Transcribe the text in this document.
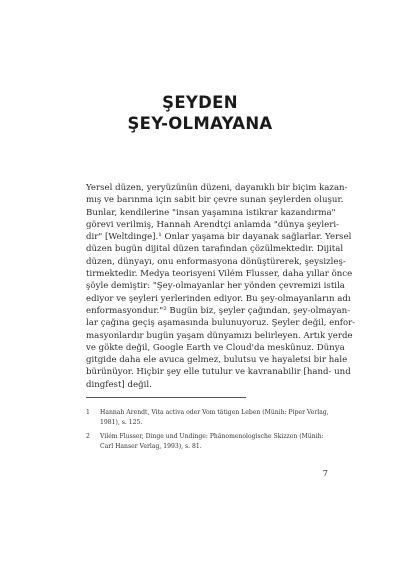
ŞEYDEN
ŞEY-OLMAYANA
Yersel düzen, yeryüzünün düzeni, dayanıklı bir biçim kazan-
mış ve barınma için sabit bir çevre sunan şeylerden oluşur.
Bunlar, kendilerine "insan yaşamına istikrar kazandırma"
görevi verilmiş, Hannah Arendtçi anlamda "dünya şeyleri-
dir" [Weltdinge].¹ Onlar yaşama bir dayanak sağlarlar. Yersel
düzen bugün dijital düzen tarafından çözülmektedir. Dijital
düzen, dünyayı, onu enformasyona dönüştürerek, şeysizleş-
tirmektedir. Medya teorisyeni Vilém Flusser, daha yıllar önce
şöyle demiştir: "Şey-olmayanlar her yönden çevremizi istila
ediyor ve şeyleri yerlerinden ediyor. Bu şey-olmayanların adı
enformasyondur."² Bugün biz, şeyler çağından, şey-olmayan-
lar çağına geçiş aşamasında bulunuyoruz. Şeyler değil, enfor-
masyonlardır bugün yaşam dünyamızı belirleyen. Artık yerde
ve gökte değil, Google Earth ve Cloud'da meskûnuz. Dünya
gitgide daha ele avuca gelmez, bulutsu ve hayaletsi bir hale
bürünüyor. Hiçbir şey elle tutulur ve kavranabilir [hand- und
dingfest] değil.
1 Hannah Arendt, Vita activa oder Vom tätigen Leben (Münih: Piper Verlag,
1981), s. 125.
2 Vilém Flusser, Dinge und Undinge: Phänomenologische Skizzen (Münih:
Carl Hanser Verlag, 1993), s. 81.
7
